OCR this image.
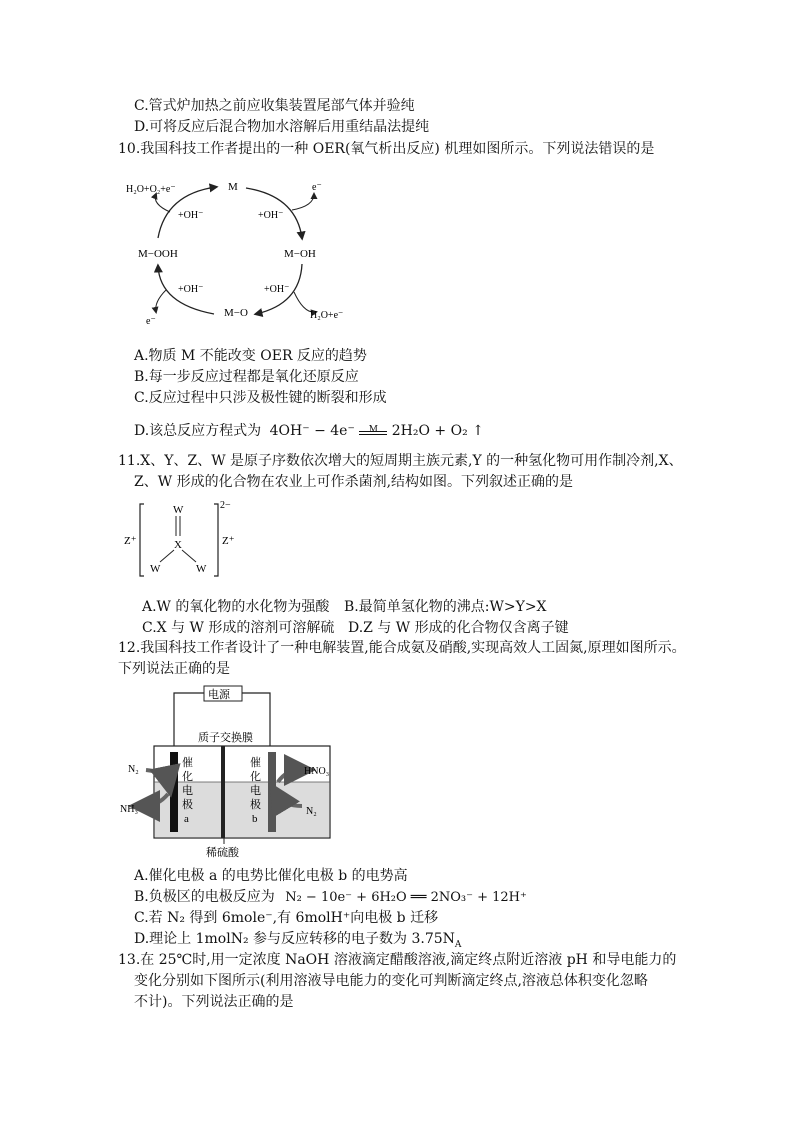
C.管式炉加热之前应收集装置尾部气体并验纯
D.可将反应后混合物加水溶解后用重结晶法提纯
10.我国科技工作者提出的一种 OER(氧气析出反应) 机理如图所示。下列说法错误的是
M
M−OOH	M−OH
M−O
+OH⁻	+OH⁻
+OH⁻	+OH⁻
H₂O+O₂+e⁻	e⁻
e⁻
H₂O+e⁻
A.物质 M 不能改变 OER 反应的趋势
B.每一步反应过程都是氧化还原反应
C.反应过程中只涉及极性键的断裂和形成
D.该总反应方程式为 4OH⁻ − 4e⁻	M 2H₂O + O₂ ↑
11.X、Y、Z、W 是原子序数依次增大的短周期主族元素,Y 的一种氢化物可用作制冷剂,X、
Z、W 形成的化合物在农业上可作杀菌剂,结构如图。下列叙述正确的是
W
X
W	W
Z⁺	Z⁺
2−
A.W 的氧化物的水化物为强酸 B.最简单氢化物的沸点:W>Y>X
C.X 与 W 形成的溶剂可溶解硫 D.Z 与 W 形成的化合物仅含离子键
12.我国科技工作者设计了一种电解装置,能合成氨及硝酸,实现高效人工固氮,原理如图所示。
下列说法正确的是
电源
质子交换膜
催化电极 a
催化电极 b
N₂
NH₃
HNO₃
N₂
稀硫酸
A.催化电极 a 的电势比催化电极 b 的电势高
B.负极区的电极反应为 N₂ − 10e⁻ + 6H₂O ══ 2NO₃⁻ + 12H⁺
C.若 N₂ 得到 6mole⁻,有 6molH⁺向电极 b 迁移
D.理论上 1molN₂ 参与反应转移的电子数为 $3.75N_A$
13.在 25℃时,用一定浓度 NaOH 溶液滴定醋酸溶液,滴定终点附近溶液 pH 和导电能力的
变化分别如下图所示(利用溶液导电能力的变化可判断滴定终点,溶液总体积变化忽略
不计)。下列说法正确的是
